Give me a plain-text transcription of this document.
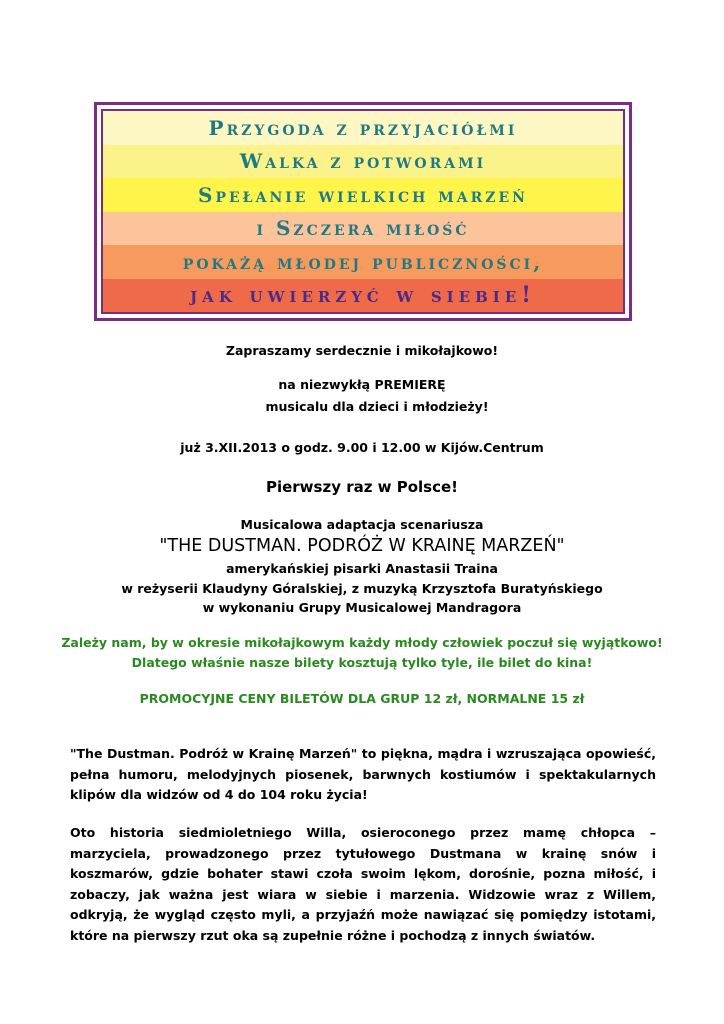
Przygoda z przyjaciółmi
Walka z potworami
Spełanie wielkich marzeń
i Szczera miłość
pokażą młodej publiczności,
jak uwierzyć w siebie!
Zapraszamy serdecznie i mikołajkowo!
na niezwykłą PREMIERĘ
musicalu dla dzieci i młodzieży!
już 3.XII.2013 o godz. 9.00 i 12.00 w Kijów.Centrum
Pierwszy raz w Polsce!
Musicalowa adaptacja scenariusza
"THE DUSTMAN. PODRÓŻ W KRAINĘ MARZEŃ"
amerykańskiej pisarki Anastasii Traina
w reżyserii Klaudyny Góralskiej, z muzyką Krzysztofa Buratyńskiego
w wykonaniu Grupy Musicalowej Mandragora
Zależy nam, by w okresie mikołajkowym każdy młody człowiek poczuł się wyjątkowo!
Dlatego właśnie nasze bilety kosztują tylko tyle, ile bilet do kina!
PROMOCYJNE CENY BILETÓW DLA GRUP 12 zł, NORMALNE 15 zł
"The Dustman. Podróż w Krainę Marzeń" to piękna, mądra i wzruszająca opowieść, pełna humoru, melodyjnych piosenek, barwnych kostiumów i spektakularnych klipów dla widzów od 4 do 104 roku życia!
Oto historia siedmioletniego Willa, osieroconego przez mamę chłopca – marzyciela, prowadzonego przez tytułowego Dustmana w krainę snów i koszmarów, gdzie bohater stawi czoła swoim lękom, dorośnie, pozna miłość, i zobaczy, jak ważna jest wiara w siebie i marzenia. Widzowie wraz z Willem, odkryją, że wygląd często myli, a przyjaźń może nawiązać się pomiędzy istotami, które na pierwszy rzut oka są zupełnie różne i pochodzą z innych światów.
